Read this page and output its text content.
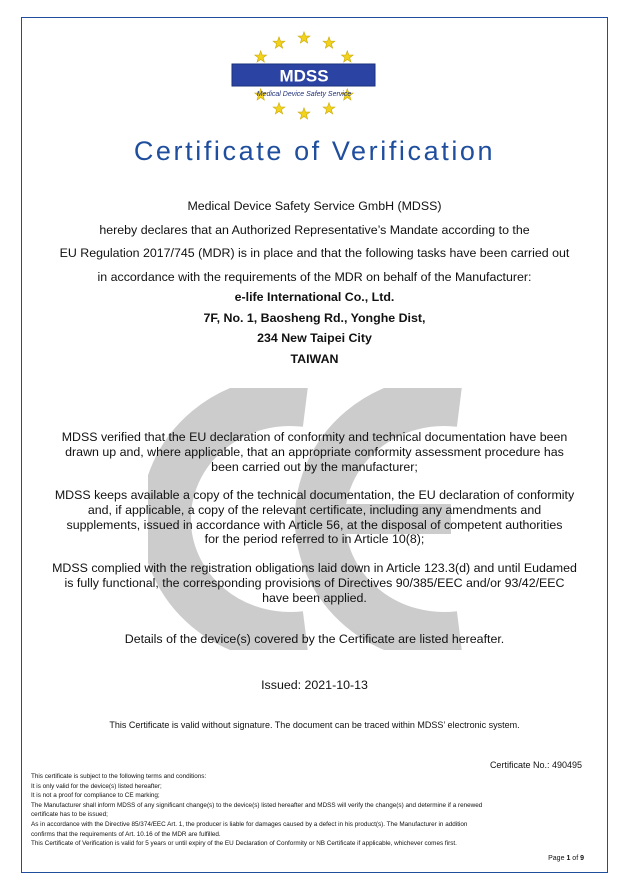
MDSS
Medical Device Safety Service
Certificate of Verification
Medical Device Safety Service GmbH (MDSS)
hereby declares that an Authorized Representative’s Mandate according to the
EU Regulation 2017/745 (MDR) is in place and that the following tasks have been carried out
in accordance with the requirements of the MDR on behalf of the Manufacturer:
e-life International Co., Ltd.
7F, No. 1, Baosheng Rd., Yonghe Dist,
234 New Taipei City
TAIWAN
MDSS verified that the EU declaration of conformity and technical documentation have been
drawn up and, where applicable, that an appropriate conformity assessment procedure has
been carried out by the manufacturer;
MDSS keeps available a copy of the technical documentation, the EU declaration of conformity
and, if applicable, a copy of the relevant certificate, including any amendments and
supplements, issued in accordance with Article 56, at the disposal of competent authorities
for the period referred to in Article 10(8);
MDSS complied with the registration obligations laid down in Article 123.3(d) and until Eudamed
is fully functional, the corresponding provisions of Directives 90/385/EEC and/or 93/42/EEC
have been applied.
Details of the device(s) covered by the Certificate are listed hereafter.
Issued: 2021-10-13
This Certificate is valid without signature. The document can be traced within MDSS’ electronic system.
Certificate No.: 490495
This certificate is subject to the following terms and conditions:
It is only valid for the device(s) listed hereafter;
It is not a proof for compliance to CE marking;
The Manufacturer shall inform MDSS of any significant change(s) to the device(s) listed hereafter and MDSS will verify the change(s) and determine if a renewed
certificate has to be issued;
As in accordance with the Directive 85/374/EEC Art. 1, the producer is liable for damages caused by a defect in his product(s). The Manufacturer in addition
confirms that the requirements of Art. 10.16 of the MDR are fulfilled.
This Certificate of Verification is valid for 5 years or until expiry of the EU Declaration of Conformity or NB Certificate if applicable, whichever comes first.
Page 1 of 9
